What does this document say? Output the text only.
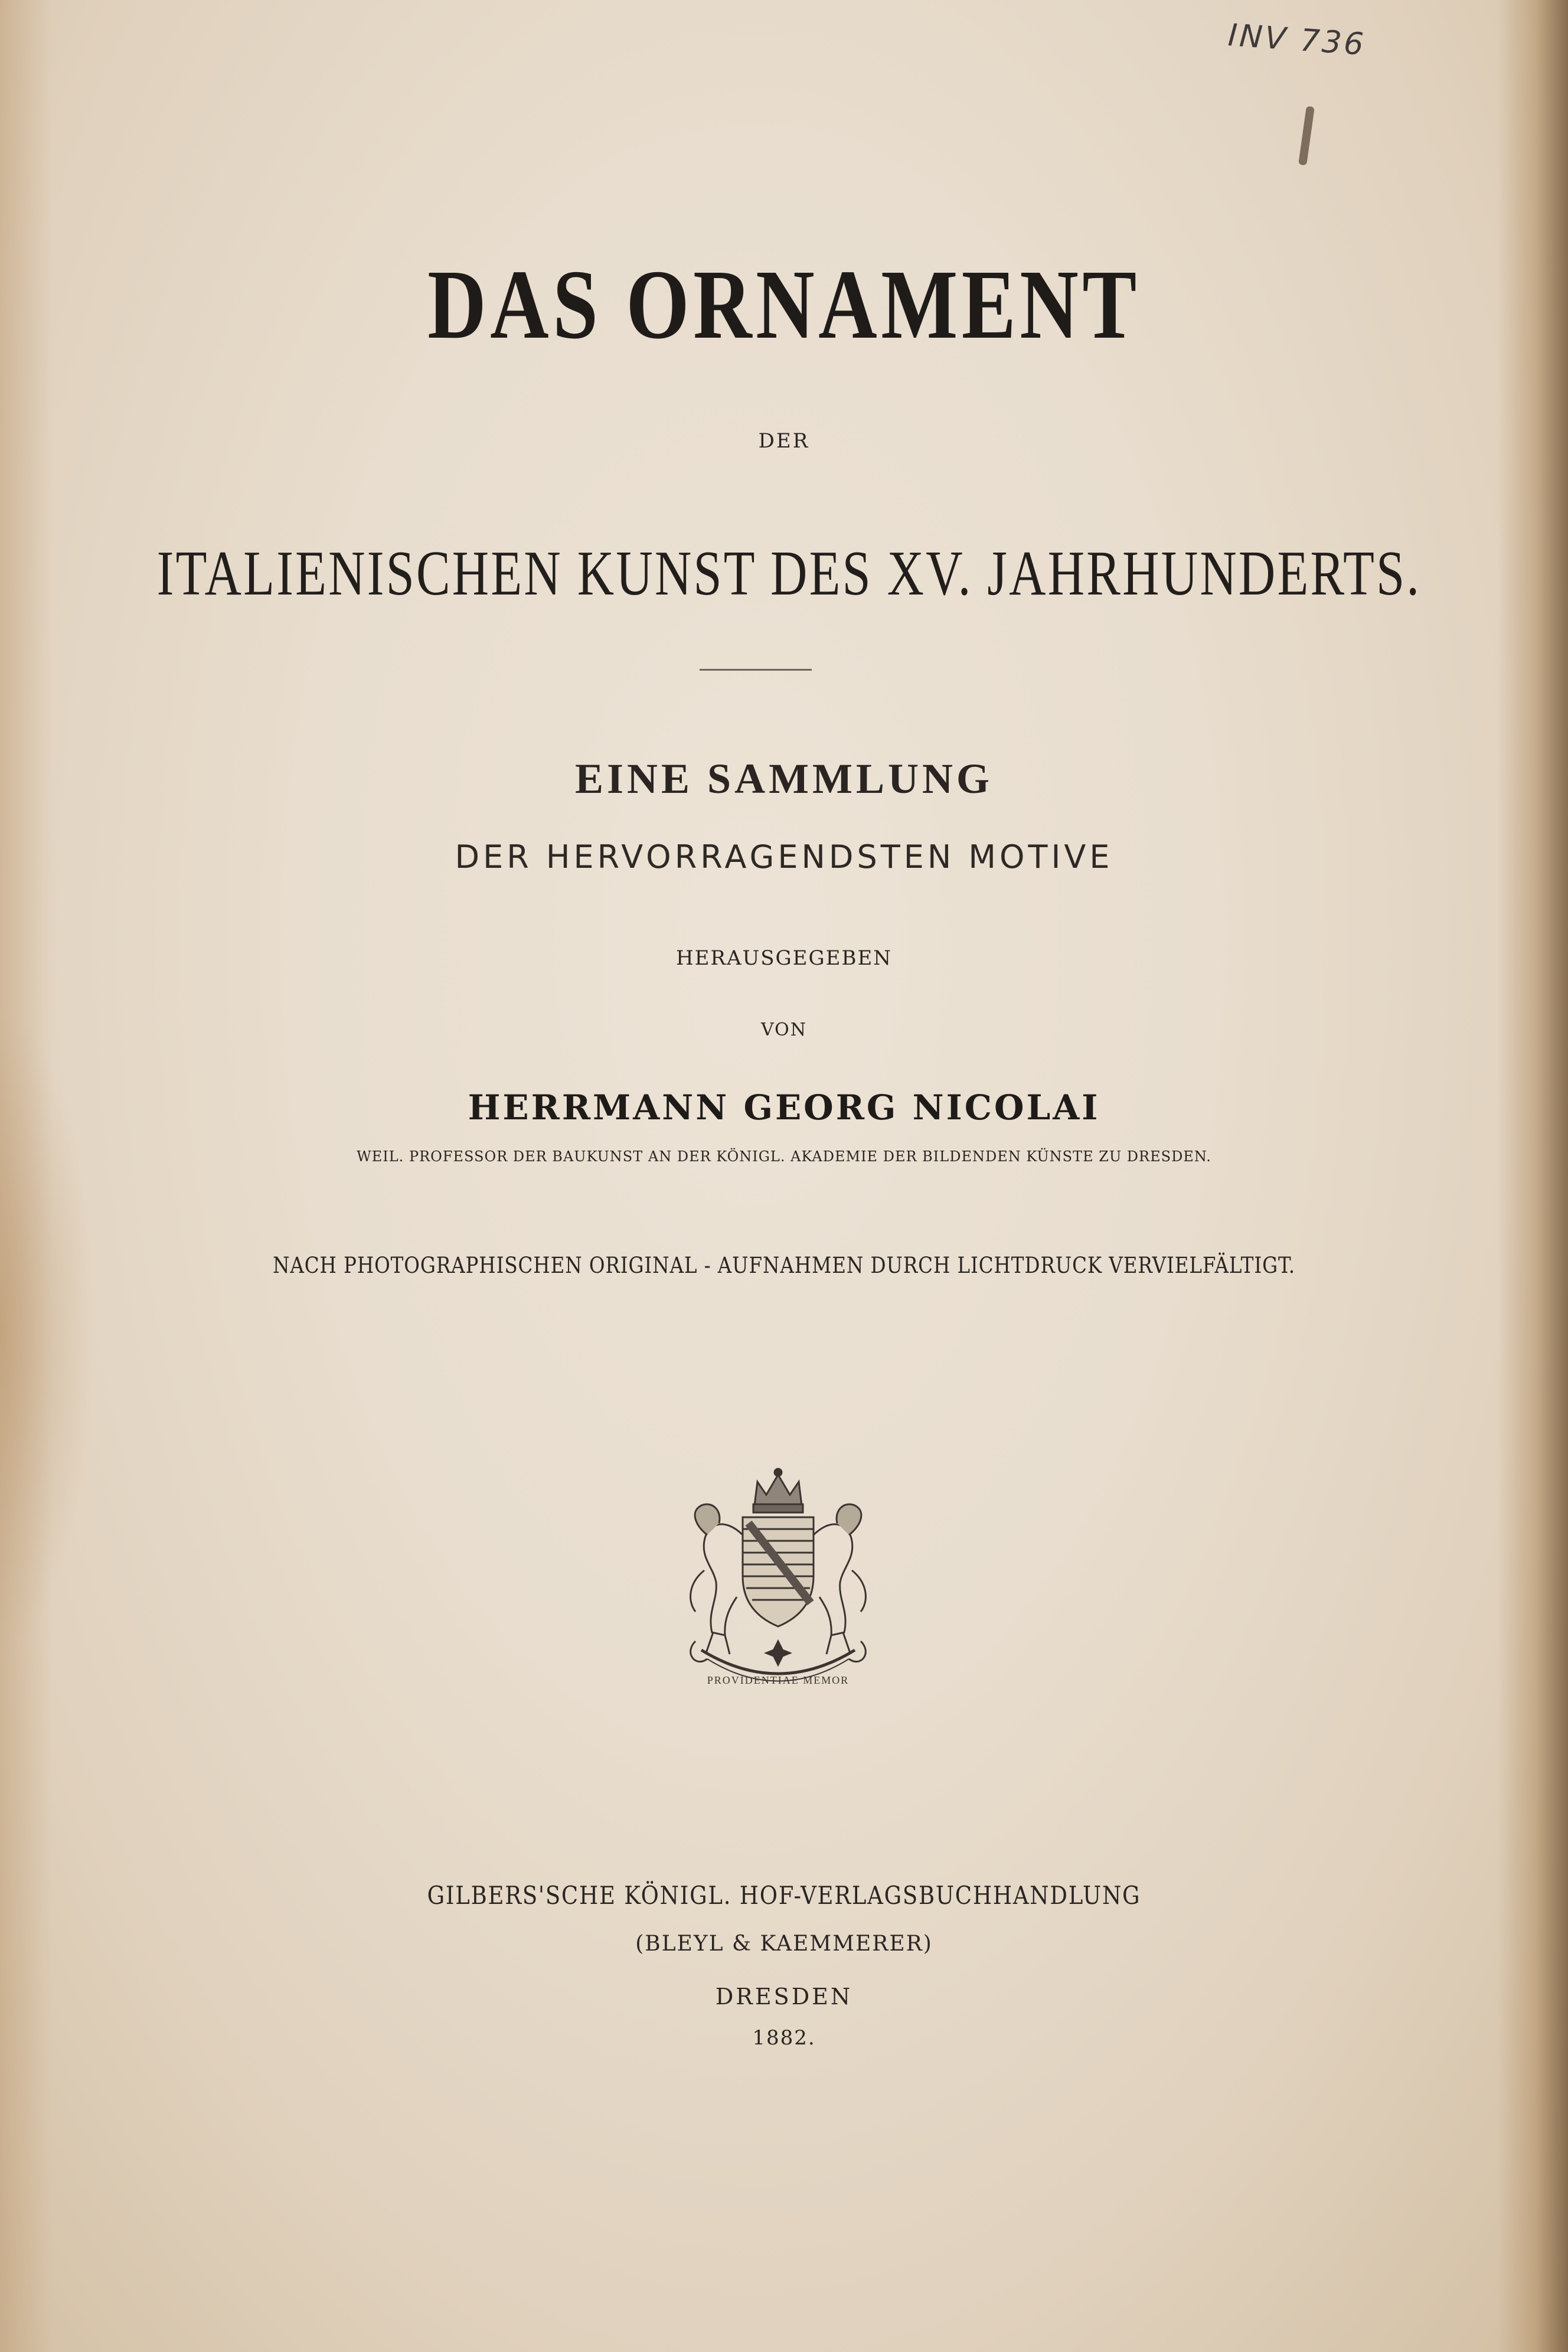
INV 736
DAS ORNAMENT
DER
ITALIENISCHEN KUNST DES XV. JAHRHUNDERTS.
EINE SAMMLUNG
DER HERVORRAGENDSTEN MOTIVE
HERAUSGEGEBEN
VON
HERRMANN GEORG NICOLAI
WEIL. PROFESSOR DER BAUKUNST AN DER KÖNIGL. AKADEMIE DER BILDENDEN KÜNSTE ZU DRESDEN.
NACH PHOTOGRAPHISCHEN ORIGINAL - AUFNAHMEN DURCH LICHTDRUCK VERVIELFÄLTIGT.
PROVIDENTIAE MEMOR
GILBERS'SCHE KÖNIGL. HOF-VERLAGSBUCHHANDLUNG
(BLEYL & KAEMMERER)
DRESDEN
1882.
